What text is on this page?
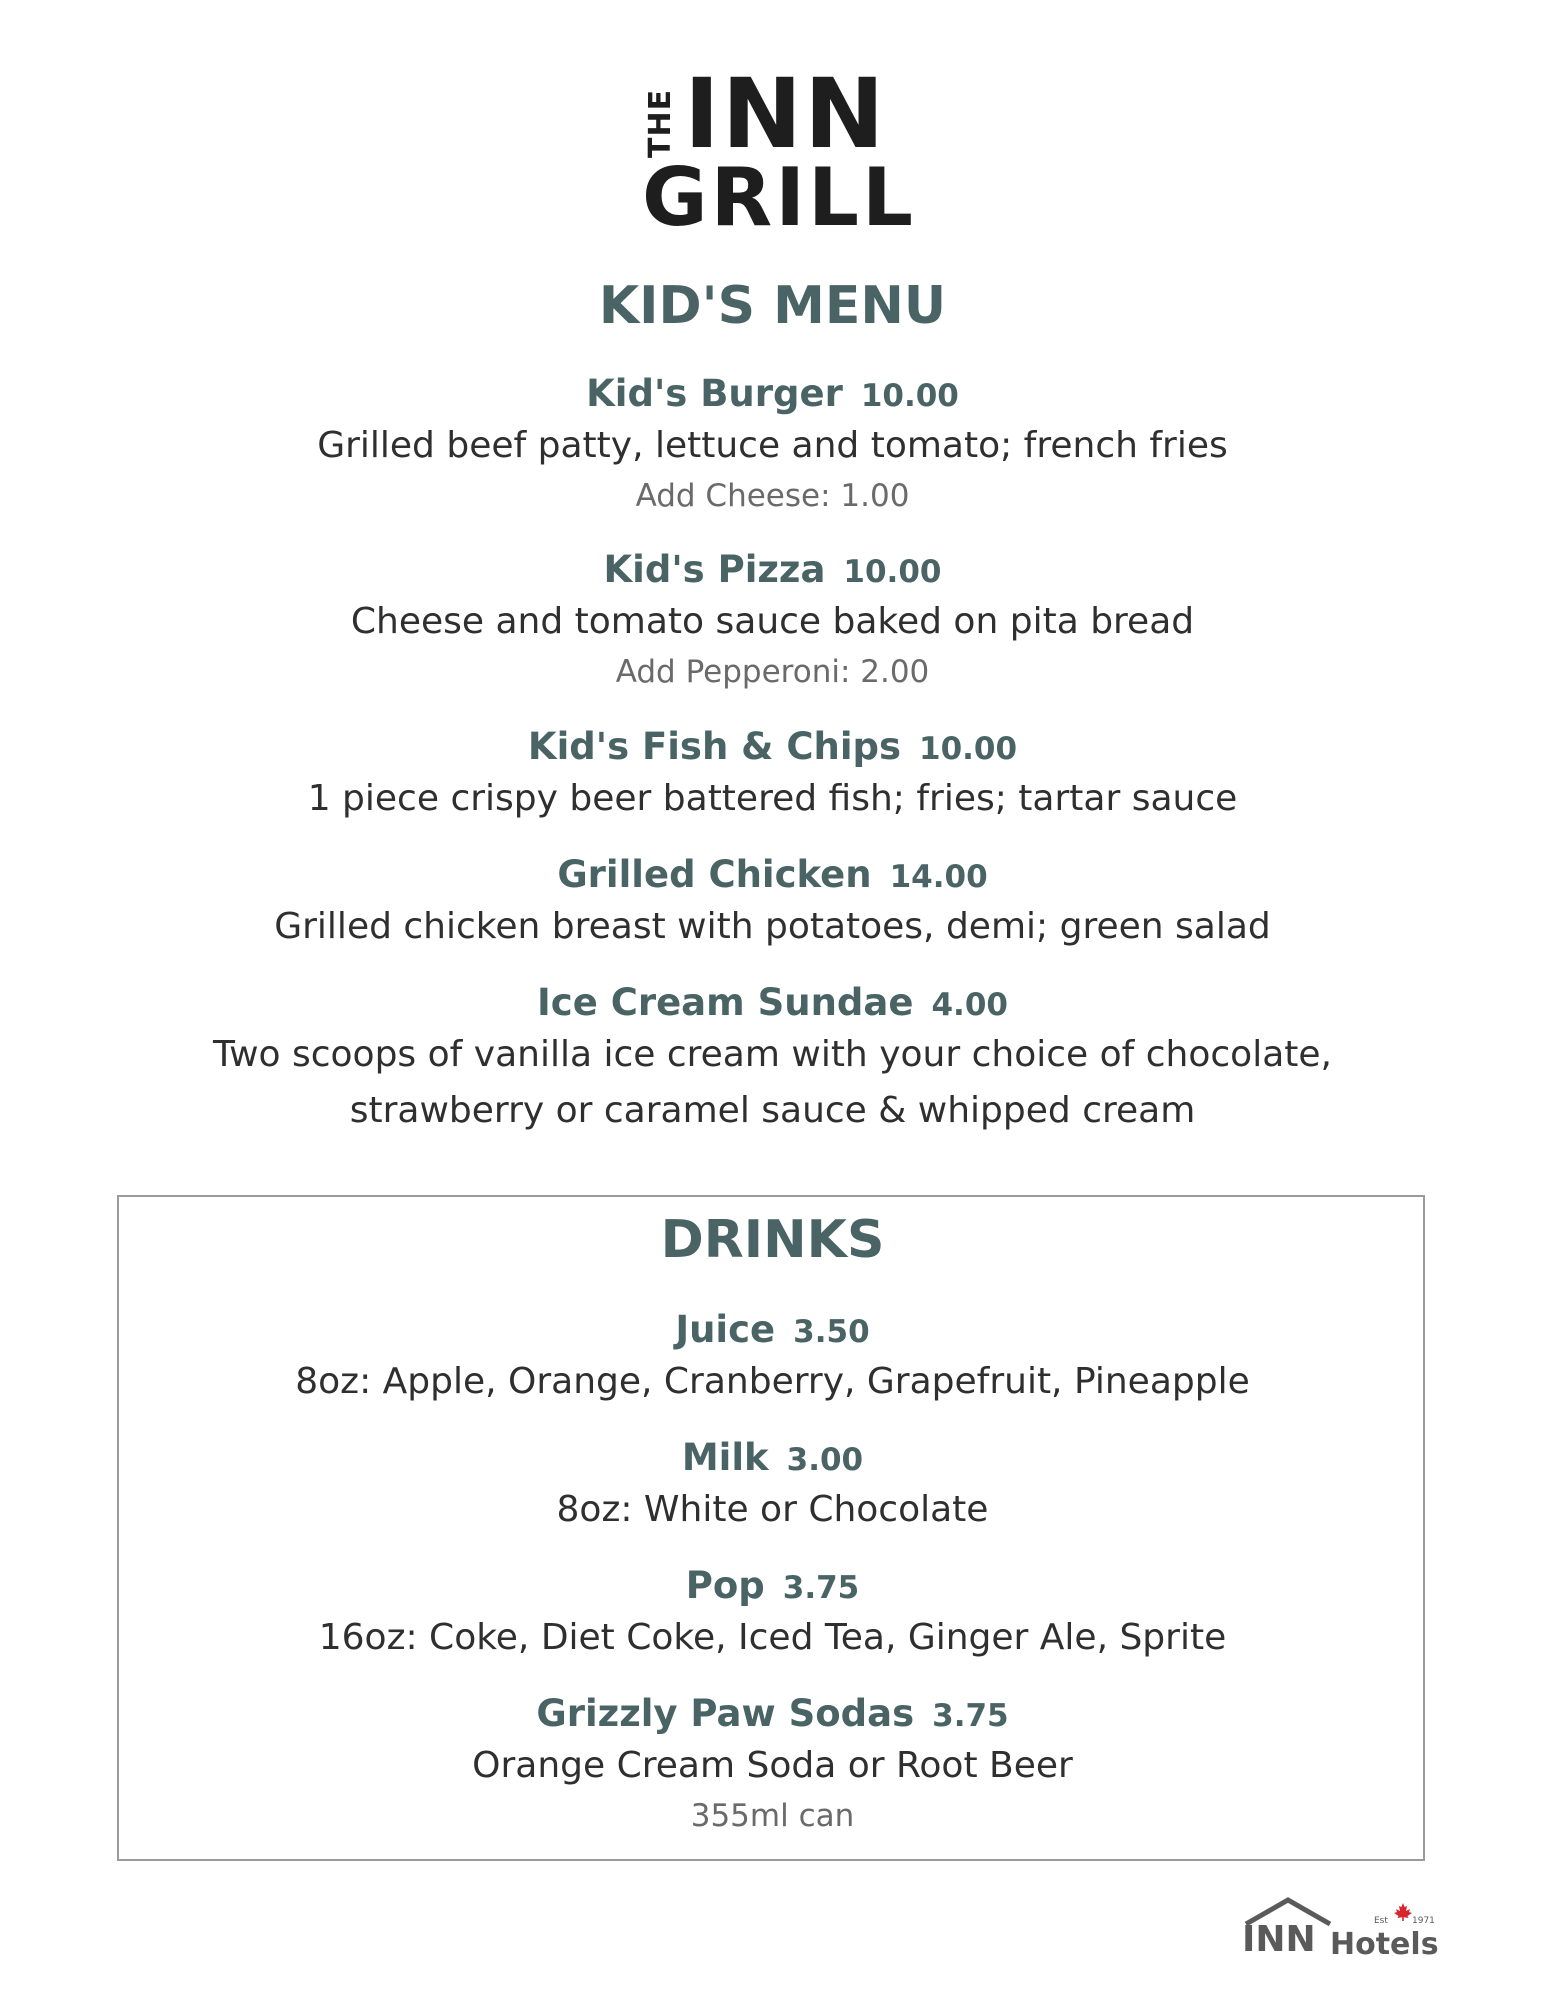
THE INN
GRILL
KID'S MENU
Kid's Burger 10.00
Grilled beef patty, lettuce and tomato; french fries
Add Cheese: 1.00
Kid's Pizza 10.00
Cheese and tomato sauce baked on pita bread
Add Pepperoni: 2.00
Kid's Fish & Chips 10.00
1 piece crispy beer battered fish; fries; tartar sauce
Grilled Chicken 14.00
Grilled chicken breast with potatoes, demi; green salad
Ice Cream Sundae 4.00
Two scoops of vanilla ice cream with your choice of chocolate,
strawberry or caramel sauce & whipped cream
DRINKS
Juice 3.50
8oz: Apple, Orange, Cranberry, Grapefruit, Pineapple
Milk 3.00
8oz: White or Chocolate
Pop 3.75
16oz: Coke, Diet Coke, Iced Tea, Ginger Ale, Sprite
Grizzly Paw Sodas 3.75
Orange Cream Soda or Root Beer
355ml can
INN	Est	1971
Hotels
